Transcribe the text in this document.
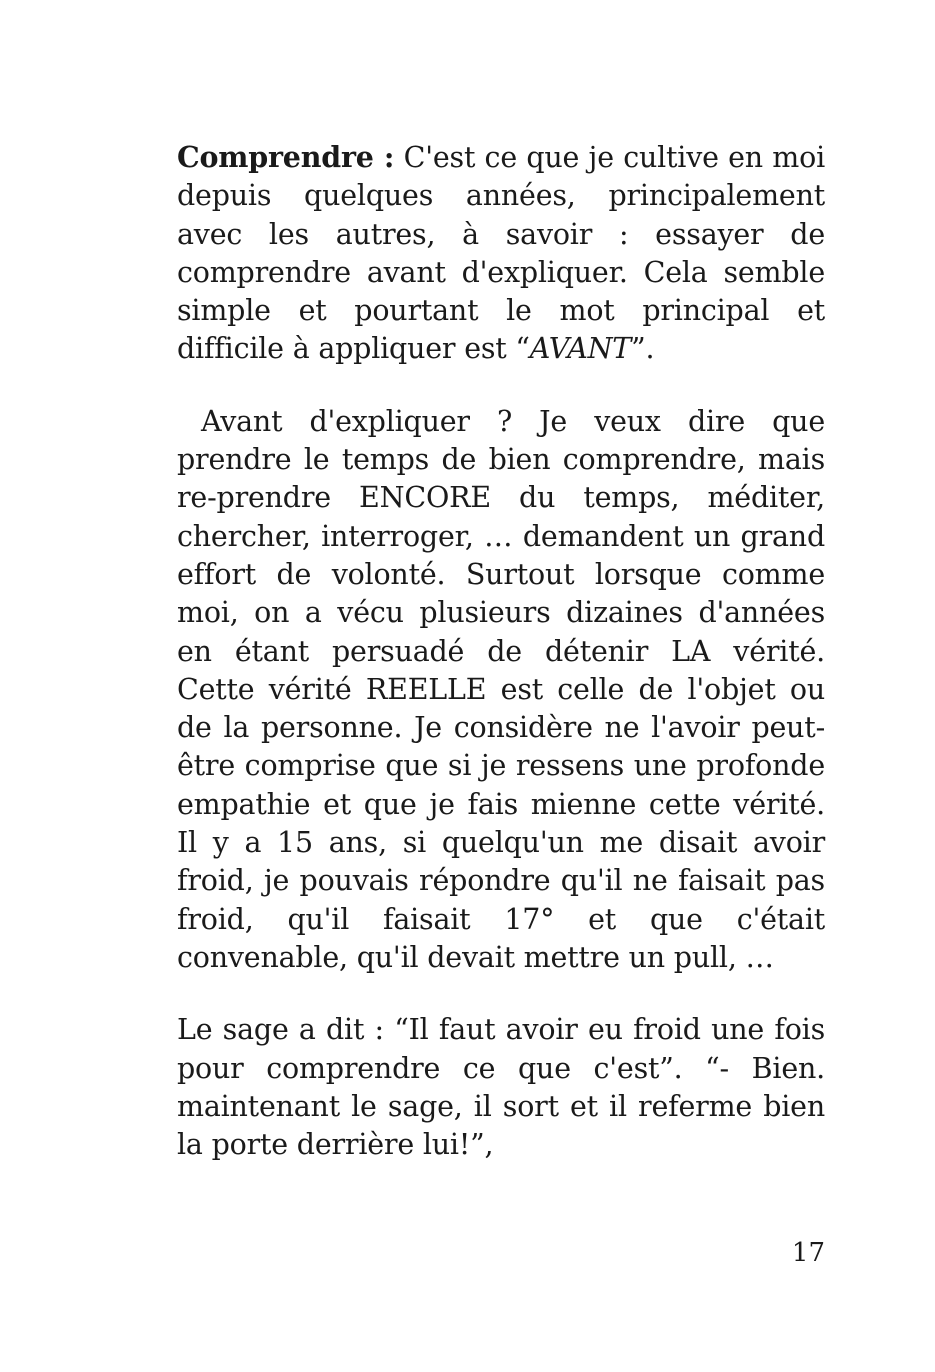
Comprendre : C'est ce que je cultive en moi depuis quelques années, principalement avec les autres, à savoir : essayer de comprendre avant d'expliquer. Cela semble simple et pourtant le mot principal et difficile à appliquer est “AVANT”.

Avant d'expliquer ? Je veux dire que prendre le temps de bien comprendre, mais re-prendre ENCORE du temps, méditer, chercher, interroger, … demandent un grand effort de volonté. Surtout lorsque comme moi, on a vécu plusieurs dizaines d'années en étant persuadé de détenir LA vérité. Cette vérité REELLE est celle de l'objet ou de la personne. Je considère ne l'avoir peut-être comprise que si je ressens une profonde empathie et que je fais mienne cette vérité. Il y a 15 ans, si quelqu'un me disait avoir froid, je pouvais répondre qu'il ne faisait pas froid, qu'il faisait 17° et que c'était convenable, qu'il devait mettre un pull, …

Le sage a dit : “Il faut avoir eu froid une fois pour comprendre ce que c'est”. “- Bien. maintenant le sage, il sort et il referme bien la porte derrière lui!”,

17
